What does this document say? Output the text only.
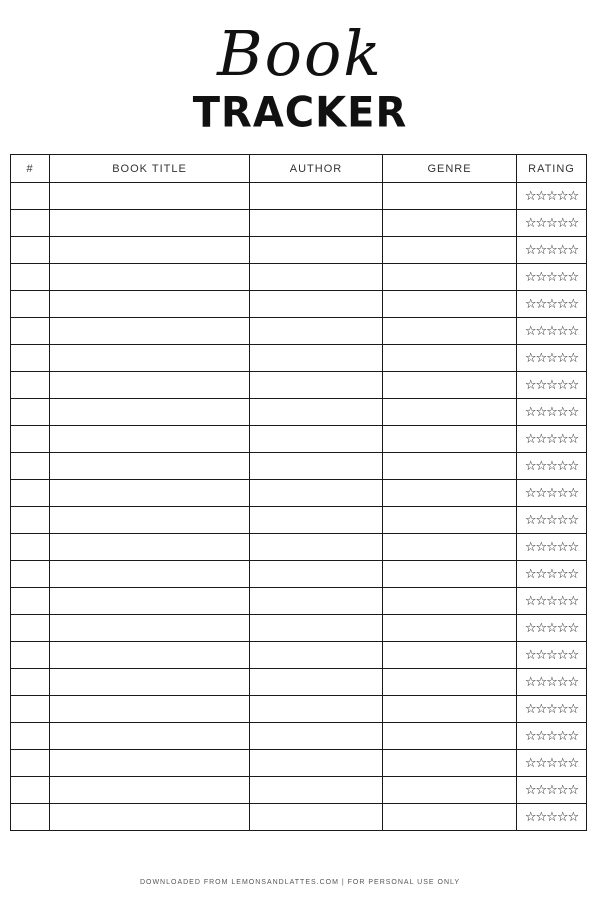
Book
TRACKER
#	BOOK TITLE	AUTHOR	GENRE	RATING
				☆☆☆☆☆
				☆☆☆☆☆
				☆☆☆☆☆
				☆☆☆☆☆
				☆☆☆☆☆
				☆☆☆☆☆
				☆☆☆☆☆
				☆☆☆☆☆
				☆☆☆☆☆
				☆☆☆☆☆
				☆☆☆☆☆
				☆☆☆☆☆
				☆☆☆☆☆
				☆☆☆☆☆
				☆☆☆☆☆
				☆☆☆☆☆
				☆☆☆☆☆
				☆☆☆☆☆
				☆☆☆☆☆
				☆☆☆☆☆
				☆☆☆☆☆
				☆☆☆☆☆
				☆☆☆☆☆
				☆☆☆☆☆
DOWNLOADED FROM LEMONSANDLATTES.COM | FOR PERSONAL USE ONLY
